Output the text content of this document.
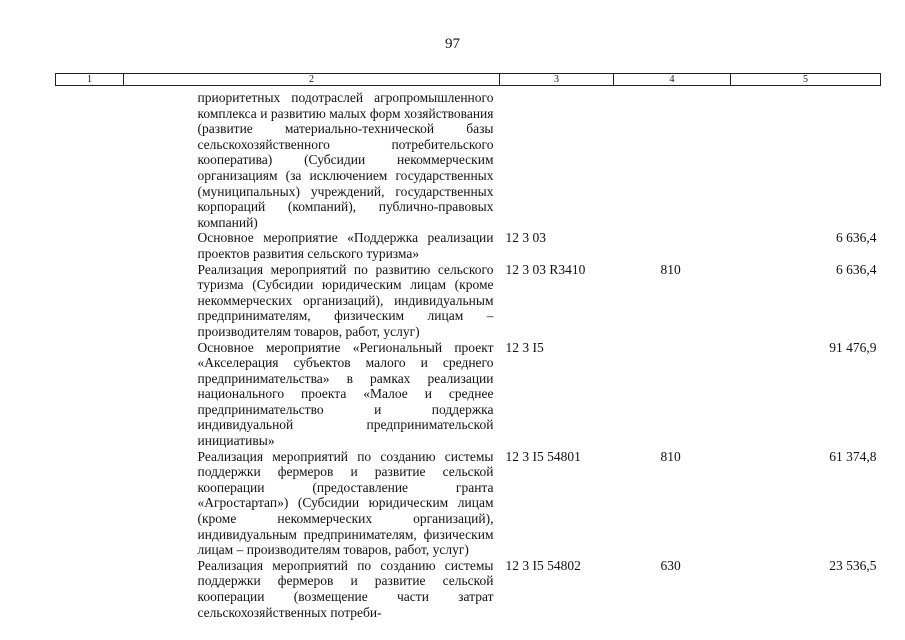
97
1	2	3	4	5
	приоритетных подотраслей агропромышленного комплекса и развитию малых форм хозяйствования (развитие материально-технической базы сельскохозяйственного потребительского кооператива) (Субсидии некоммерческим организациям (за исключением государственных (муниципальных) учреждений, государственных корпораций (компаний), публично-правовых компаний)			
	Основное мероприятие «Поддержка реализации проектов развития сельского туризма»	12 3 03		6 636,4
	Реализация мероприятий по развитию сельского туризма (Субсидии юридическим лицам (кроме некоммерческих организаций), индивидуальным предпринимателям, физическим лицам – производителям товаров, работ, услуг)	12 3 03 R3410	810	6 636,4
	Основное мероприятие «Региональный проект «Акселерация субъектов малого и среднего предпринимательства» в рамках реализации национального проекта «Малое и среднее предпринимательство и поддержка индивидуальной предпринимательской инициативы»	12 3 I5		91 476,9
	Реализация мероприятий по созданию системы поддержки фермеров и развитие сельской кооперации (предоставление гранта «Агростартап») (Субсидии юридическим лицам (кроме некоммерческих организаций), индивидуальным предпринимателям, физическим лицам – производителям товаров, работ, услуг)	12 3 I5 54801	810	61 374,8
	Реализация мероприятий по созданию системы поддержки фермеров и развитие сельской кооперации (возмещение части затрат сельскохозяйственных потреби-	12 3 I5 54802	630	23 536,5
